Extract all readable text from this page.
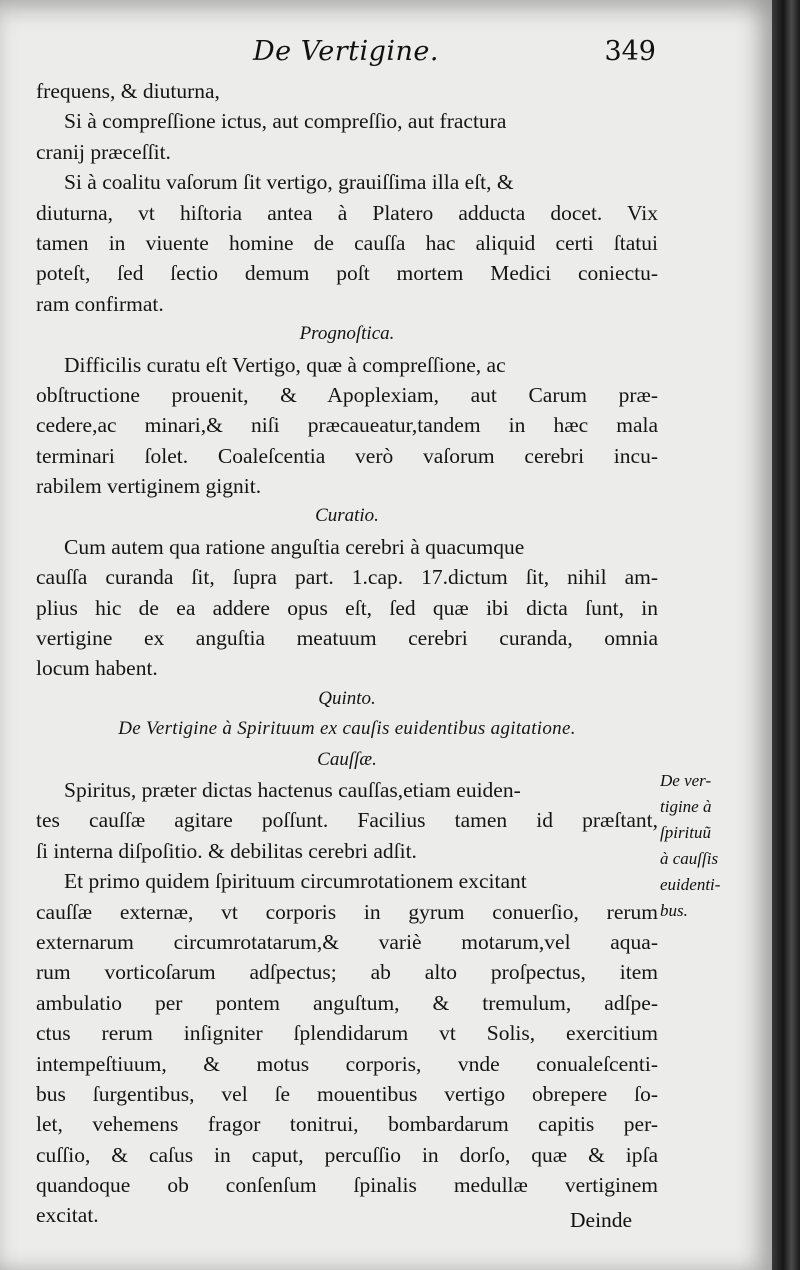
De Vertigine.	349
frequens, & diuturna,
Si à compreſſione ictus, aut compreſſio, aut fractura
cranij præceſſit.
Si à coalitu vaſorum ſit vertigo, grauiſſima illa eſt, &
diuturna, vt hiſtoria antea à Platero adducta docet. Vix
tamen in viuente homine de cauſſa hac aliquid certi ſtatui
poteſt, ſed ſectio demum poſt mortem Medici coniectu-
ram confirmat.
Prognoſtica.
Difficilis curatu eſt Vertigo, quæ à compreſſione, ac
obſtructione prouenit, & Apoplexiam, aut Carum præ-
cedere,ac minari,& niſi præcaueatur,tandem in hæc mala
terminari ſolet. Coaleſcentia verò vaſorum cerebri incu-
rabilem vertiginem gignit.
Curatio.
Cum autem qua ratione anguſtia cerebri à quacumque
cauſſa curanda ſit, ſupra part. 1.cap. 17.dictum ſit, nihil am-
plius hic de ea addere opus eſt, ſed quæ ibi dicta ſunt, in
vertigine ex anguſtia meatuum cerebri curanda, omnia
locum habent.
Quinto.
De Vertigine à Spirituum ex cauſis euidentibus agitatione.
Cauſſæ.
Spiritus, præter dictas hactenus cauſſas,etiam euiden-
tes cauſſæ agitare poſſunt. Facilius tamen id præſtant,
ſi interna diſpoſitio. & debilitas cerebri adſit.
Et primo quidem ſpirituum circumrotationem excitant
cauſſæ externæ, vt corporis in gyrum conuerſio, rerum
externarum circumrotatarum,& variè motarum,vel aqua-
rum vorticoſarum adſpectus; ab alto proſpectus, item
ambulatio per pontem anguſtum, & tremulum, adſpe-
ctus rerum inſigniter ſplendidarum vt Solis, exercitium
intempeſtiuum, & motus corporis, vnde conualeſcenti-
bus ſurgentibus, vel ſe mouentibus vertigo obrepere ſo-
let, vehemens fragor tonitrui, bombardarum capitis per-
cuſſio, & caſus in caput, percuſſio in dorſo, quæ & ipſa
quandoque ob conſenſum ſpinalis medullæ vertiginem
excitat.
De ver-
tigine à
ſpirituũ
à cauſſis
euidenti-
bus.
Deinde
